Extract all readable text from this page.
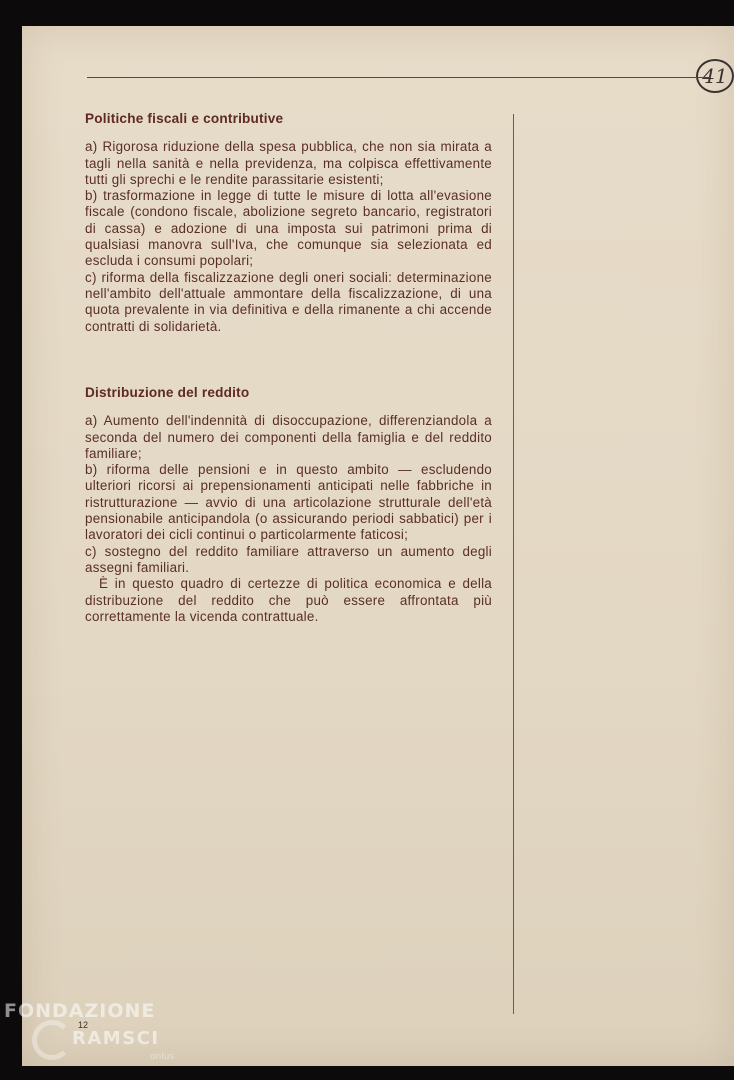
41
Politiche fiscali e contributive

a) Rigorosa riduzione della spesa pubblica, che non sia mirata a tagli nella sanità e nella previdenza, ma colpisca effettivamente tutti gli sprechi e le rendite parassitarie esistenti;

b) trasformazione in legge di tutte le misure di lotta all'evasione fiscale (condono fiscale, abolizione segreto bancario, registratori di cassa) e adozione di una imposta sui patrimoni prima di qualsiasi manovra sull'Iva, che comunque sia selezionata ed escluda i consumi popolari;

c) riforma della fiscalizzazione degli oneri sociali: determinazione nell'ambito dell'attuale ammontare della fiscalizzazione, di una quota prevalente in via definitiva e della rimanente a chi accende contratti di solidarietà.

Distribuzione del reddito

a) Aumento dell'indennità di disoccupazione, differenziandola a seconda del numero dei componenti della famiglia e del reddito familiare;

b) riforma delle pensioni e in questo ambito — escludendo ulteriori ricorsi ai prepensionamenti anticipati nelle fabbriche in ristrutturazione — avvio di una articolazione strutturale dell'età pensionabile anticipandola (o assicurando periodi sabbatici) per i lavoratori dei cicli continui o particolarmente faticosi;

c) sostegno del reddito familiare attraverso un aumento degli assegni familiari.

È in questo quadro di certezze di politica economica e della distribuzione del reddito che può essere affrontata più correttamente la vicenda contrattuale.

12
FONDAZIONE
RAMSCI
onlus
